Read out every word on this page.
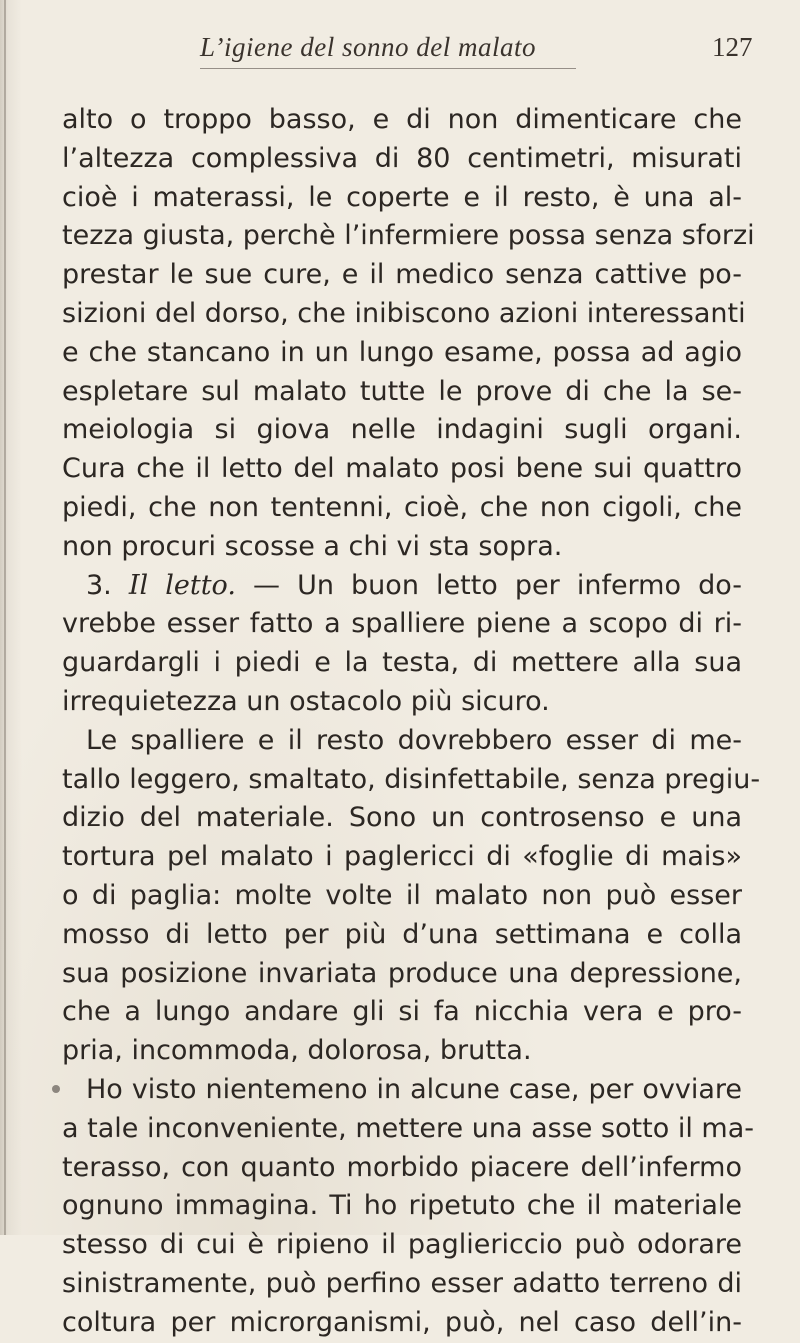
L’igiene del sonno del malato	127
alto o troppo basso, e di non dimenticare che
l’altezza complessiva di 80 centimetri, misurati
cioè i materassi, le coperte e il resto, è una al-
tezza giusta, perchè l’infermiere possa senza sforzi
prestar le sue cure, e il medico senza cattive po-
sizioni del dorso, che inibiscono azioni interessanti
e che stancano in un lungo esame, possa ad agio
espletare sul malato tutte le prove di che la se-
meiologia si giova nelle indagini sugli organi.
Cura che il letto del malato posi bene sui quattro
piedi, che non tentenni, cioè, che non cigoli, che
non procuri scosse a chi vi sta sopra.
3. Il letto. — Un buon letto per infermo do-
vrebbe esser fatto a spalliere piene a scopo di ri-
guardargli i piedi e la testa, di mettere alla sua
irrequietezza un ostacolo più sicuro.
Le spalliere e il resto dovrebbero esser di me-
tallo leggero, smaltato, disinfettabile, senza pregiu-
dizio del materiale. Sono un controsenso e una
tortura pel malato i paglericci di «foglie di mais»
o di paglia: molte volte il malato non può esser
mosso di letto per più d’una settimana e colla
sua posizione invariata produce una depressione,
che a lungo andare gli si fa nicchia vera e pro-
pria, incommoda, dolorosa, brutta.
Ho visto nientemeno in alcune case, per ovviare
a tale inconveniente, mettere una asse sotto il ma-
terasso, con quanto morbido piacere dell’infermo
ognuno immagina. Ti ho ripetuto che il materiale
stesso di cui è ripieno il pagliericcio può odorare
sinistramente, può perfino esser adatto terreno di
coltura per microrganismi, può, nel caso dell’in-
